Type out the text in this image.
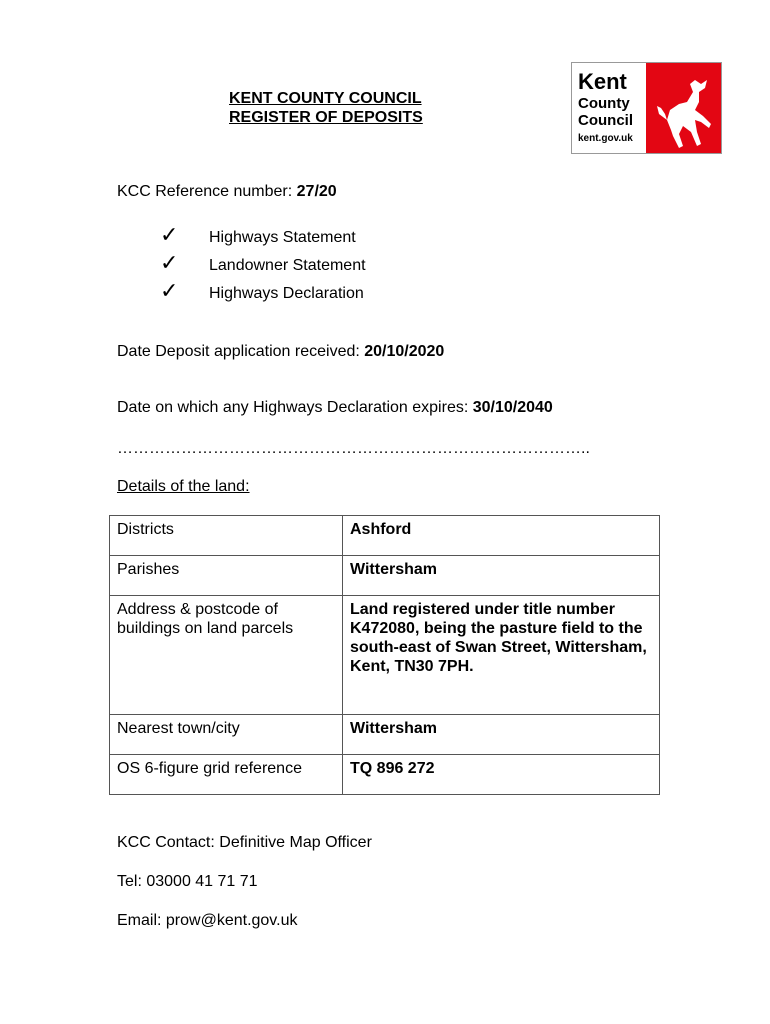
KENT COUNTY COUNCIL
REGISTER OF DEPOSITS
Kent
County
Council
kent.gov.uk
KCC Reference number: 27/20
✓ Highways Statement
✓ Landowner Statement
✓ Highways Declaration
Date Deposit application received: 20/10/2020
Date on which any Highways Declaration expires: 30/10/2040
……………………………………………………………………………..
Details of the land:
Districts	Ashford
Parishes	Wittersham
Address & postcode of buildings on land parcels	Land registered under title number K472080, being the pasture field to the south-east of Swan Street, Wittersham, Kent, TN30 7PH.
Nearest town/city	Wittersham
OS 6-figure grid reference	TQ 896 272
KCC Contact: Definitive Map Officer
Tel: 03000 41 71 71
Email: prow@kent.gov.uk
